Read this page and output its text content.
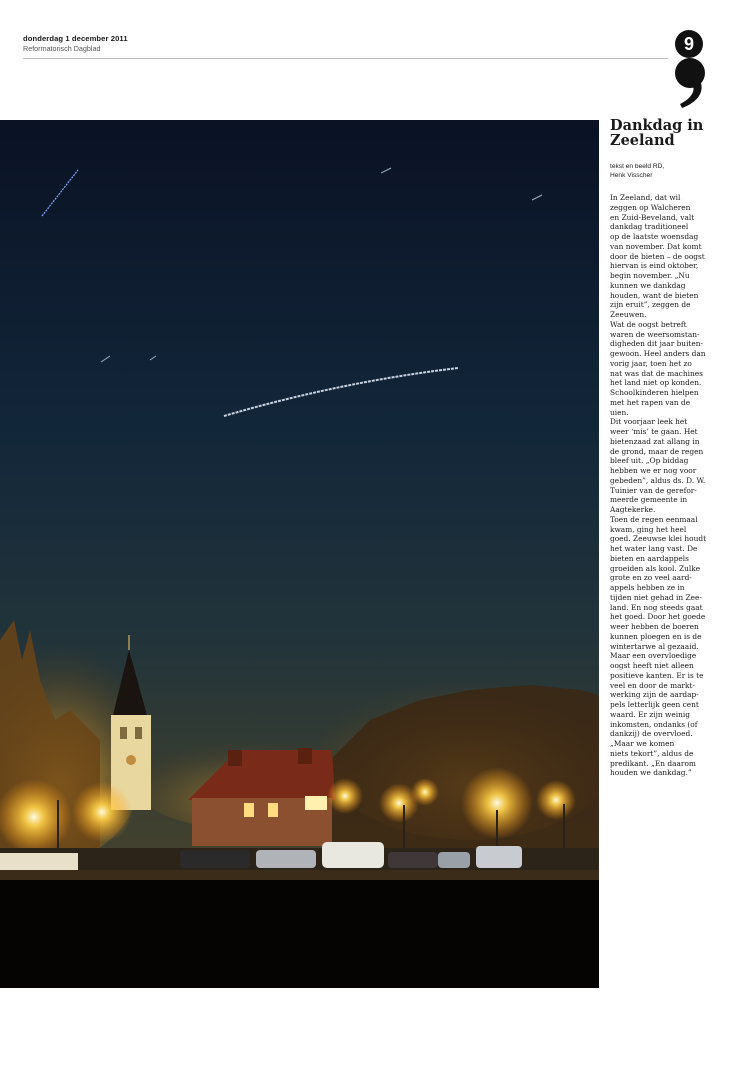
donderdag 1 december 2011
Reformatorisch Dagblad	9
Dankdag in
Zeeland
tekst en beeld RD,
Henk Visscher
In Zeeland, dat wil
zeggen op Walcheren
en Zuid-Beveland, valt
dankdag traditioneel
op de laatste woensdag
van november. Dat komt
door de bieten – de oogst
hiervan is eind oktober,
begin november. „Nu
kunnen we dankdag
houden, want de bieten
zijn eruit”, zeggen de
Zeeuwen.
Wat de oogst betreft
waren de weersomstan-
digheden dit jaar buiten-
gewoon. Heel anders dan
vorig jaar, toen het zo
nat was dat de machines
het land niet op konden.
Schoolkinderen hielpen
met het rapen van de
uien.
Dit voorjaar leek het
weer ‘mis’ te gaan. Het
bietenzaad zat allang in
de grond, maar de regen
bleef uit. „Op biddag
hebben we er nog voor
gebeden”, aldus ds. D. W.
Tuinier van de gerefor-
meerde gemeente in
Aagtekerke.
Toen de regen eenmaal
kwam, ging het heel
goed. Zeeuwse klei houdt
het water lang vast. De
bieten en aardappels
groeiden als kool. Zulke
grote en zo veel aard-
appels hebben ze in
tijden niet gehad in Zee-
land. En nog steeds gaat
het goed. Door het goede
weer hebben de boeren
kunnen ploegen en is de
wintertarwe al gezaaid.
Maar een overvloedige
oogst heeft niet alleen
positieve kanten. Er is te
veel en door de markt-
werking zijn de aardap-
pels letterlijk geen cent
waard. Er zijn weinig
inkomsten, ondanks (of
dankzij) de overvloed.
„Maar we komen
niets tekort”, aldus de
predikant. „En daarom
houden we dankdag.”
